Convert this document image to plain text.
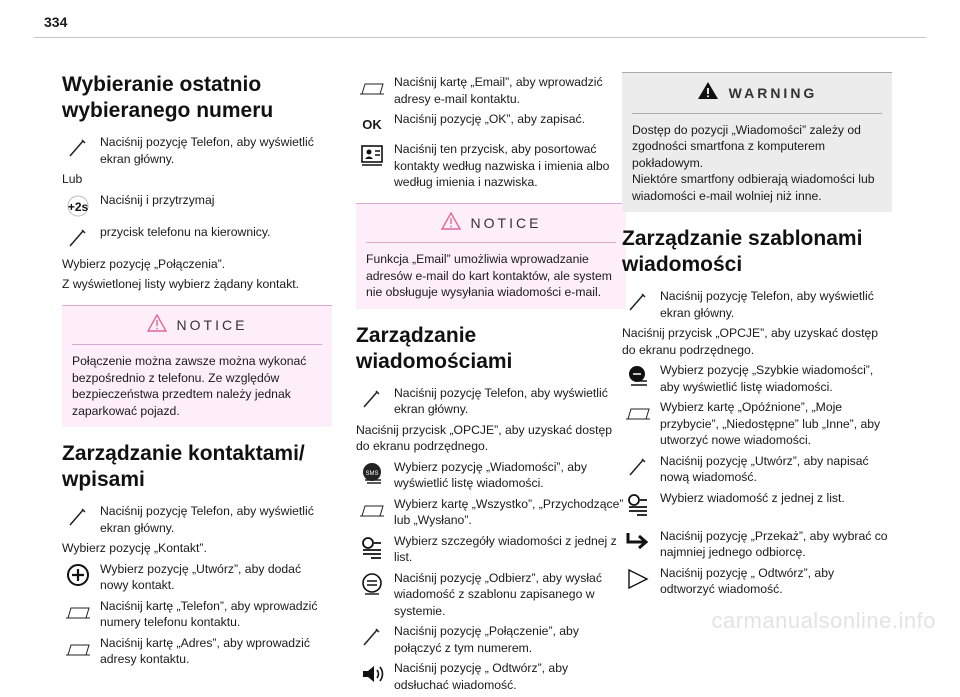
334
Wybieranie ostatnio wybieranego numeru
Naciśnij pozycję Telefon, aby wyświetlić ekran główny.
Lub
+2s Naciśnij i przytrzymaj
przycisk telefonu na kierownicy.
Wybierz pozycję „Połączenia”.
Z wyświetlonej listy wybierz żądany kontakt.
NOTICE

Połączenie można zawsze można wykonać bezpośrednio z telefonu. Ze względów bezpieczeństwa przedtem należy jednak zaparkować pojazd.

Zarządzanie kontaktami/ wpisami
Naciśnij pozycję Telefon, aby wyświetlić ekran główny.
Wybierz pozycję „Kontakt”.
Wybierz pozycję „Utwórz”, aby dodać nowy kontakt.
Naciśnij kartę „Telefon”, aby wprowadzić numery telefonu kontaktu.
Naciśnij kartę „Adres”, aby wprowadzić adresy kontaktu.
Naciśnij kartę „Email”, aby wprowadzić adresy e-mail kontaktu.
OK	Naciśnij pozycję „OK”, aby zapisać.
Naciśnij ten przycisk, aby posortować kontakty według nazwiska i imienia albo według imienia i nazwiska.
NOTICE

Funkcja „Email” umożliwia wprowadzanie adresów e-mail do kart kontaktów, ale system nie obsługuje wysyłania wiadomości e-mail.

Zarządzanie wiadomościami
Naciśnij pozycję Telefon, aby wyświetlić ekran główny.
Naciśnij przycisk „OPCJE”, aby uzyskać dostęp do ekranu podrzędnego.
SMS Wybierz pozycję „Wiadomości”, aby wyświetlić listę wiadomości.
Wybierz kartę „Wszystko”, „Przychodzące” lub „Wysłano”.
Wybierz szczegóły wiadomości z jednej z list.
Naciśnij pozycję „Odbierz”, aby wysłać wiadomość z szablonu zapisanego w systemie.
Naciśnij pozycję „Połączenie”, aby połączyć z tym numerem.
Naciśnij pozycję „ Odtwórz”, aby odsłuchać wiadomość.
WARNING

Dostęp do pozycji „Wiadomości” zależy od zgodności smartfona z komputerem pokładowym.

Niektóre smartfony odbierają wiadomości lub wiadomości e-mail wolniej niż inne.

Zarządzanie szablonami wiadomości
Naciśnij pozycję Telefon, aby wyświetlić ekran główny.
Naciśnij przycisk „OPCJE”, aby uzyskać dostęp do ekranu podrzędnego.
Wybierz pozycję „Szybkie wiadomości”, aby wyświetlić listę wiadomości.
Wybierz kartę „Opóźnione”, „Moje przybycie”, „Niedostępne” lub „Inne”, aby utworzyć nowe wiadomości.
Naciśnij pozycję „Utwórz”, aby napisać nową wiadomość.
Wybierz wiadomość z jednej z list.
Naciśnij pozycję „Przekaż”, aby wybrać co najmniej jednego odbiorcę.
Naciśnij pozycję „ Odtwórz”, aby odtworzyć wiadomość.
carmanualsonline.info
